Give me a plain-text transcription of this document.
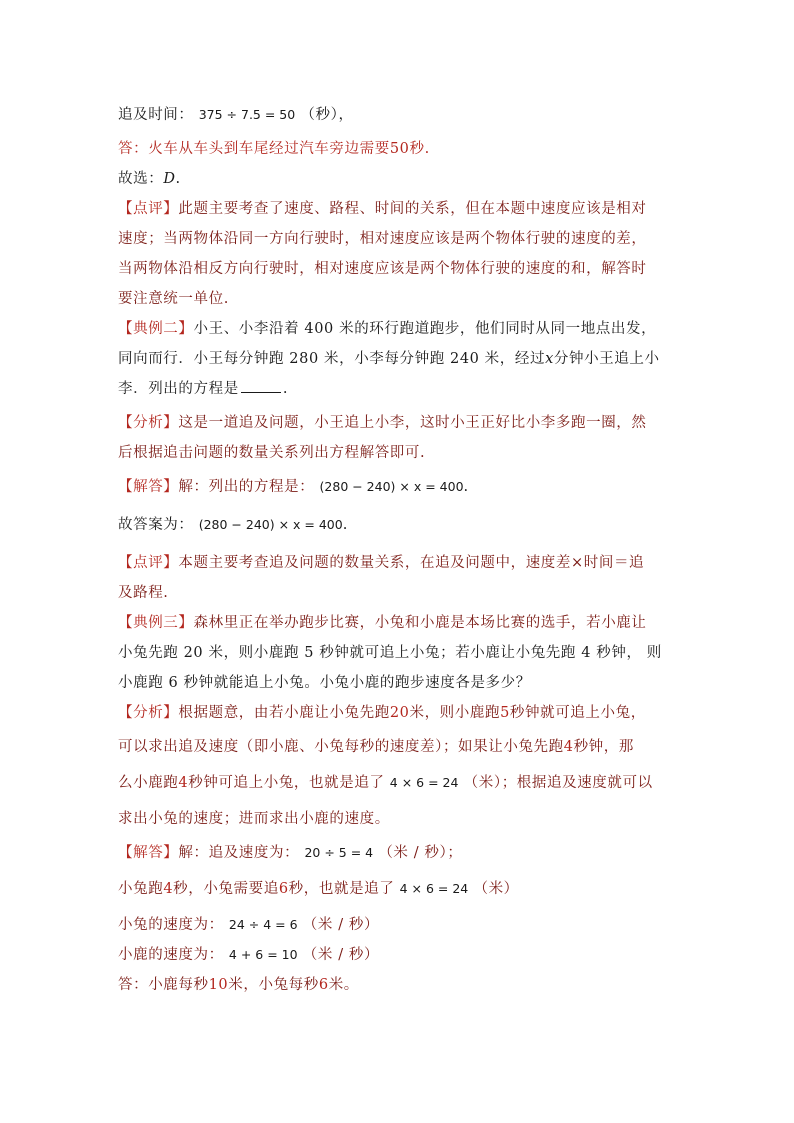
追及时间： 375 ÷ 7.5 = 50 （秒），
答：火车从车头到车尾经过汽车旁边需要50秒.
故选：D.
【点评】此题主要考查了速度、路程、时间的关系，但在本题中速度应该是相对
速度；当两物体沿同一方向行驶时，相对速度应该是两个物体行驶的速度的差，
当两物体沿相反方向行驶时，相对速度应该是两个物体行驶的速度的和，解答时
要注意统一单位.
【典例二】小王、小李沿着 400 米的环行跑道跑步，他们同时从同一地点出发，
同向而行．小王每分钟跑 280 米，小李每分钟跑 240 米，经过x分钟小王追上小
李．列出的方程是	.
【分析】这是一道追及问题，小王追上小李，这时小王正好比小李多跑一圈，然
后根据追击问题的数量关系列出方程解答即可.
【解答】解：列出的方程是： (280 − 240) × x = 400.
故答案为： (280 − 240) × x = 400.
【点评】本题主要考查追及问题的数量关系，在追及问题中，速度差×时间＝追
及路程.
【典例三】森林里正在举办跑步比赛，小兔和小鹿是本场比赛的选手，若小鹿让
小兔先跑 20 米，则小鹿跑 5 秒钟就可追上小兔；若小鹿让小兔先跑 4 秒钟， 则
小鹿跑 6 秒钟就能追上小兔。小兔小鹿的跑步速度各是多少？
【分析】根据题意，由若小鹿让小兔先跑20米，则小鹿跑5秒钟就可追上小兔，
可以求出追及速度（即小鹿、小兔每秒的速度差）；如果让小兔先跑4秒钟，那
么小鹿跑4秒钟可追上小兔，也就是追了 4 × 6 = 24 （米）；根据追及速度就可以
求出小兔的速度；进而求出小鹿的速度。
【解答】解：追及速度为： 20 ÷ 5 = 4 （米 / 秒）；
小兔跑4秒，小兔需要追6秒，也就是追了 4 × 6 = 24 （米）
小兔的速度为： 24 ÷ 4 = 6 （米 / 秒）
小鹿的速度为： 4 + 6 = 10 （米 / 秒）
答：小鹿每秒10米，小兔每秒6米。
